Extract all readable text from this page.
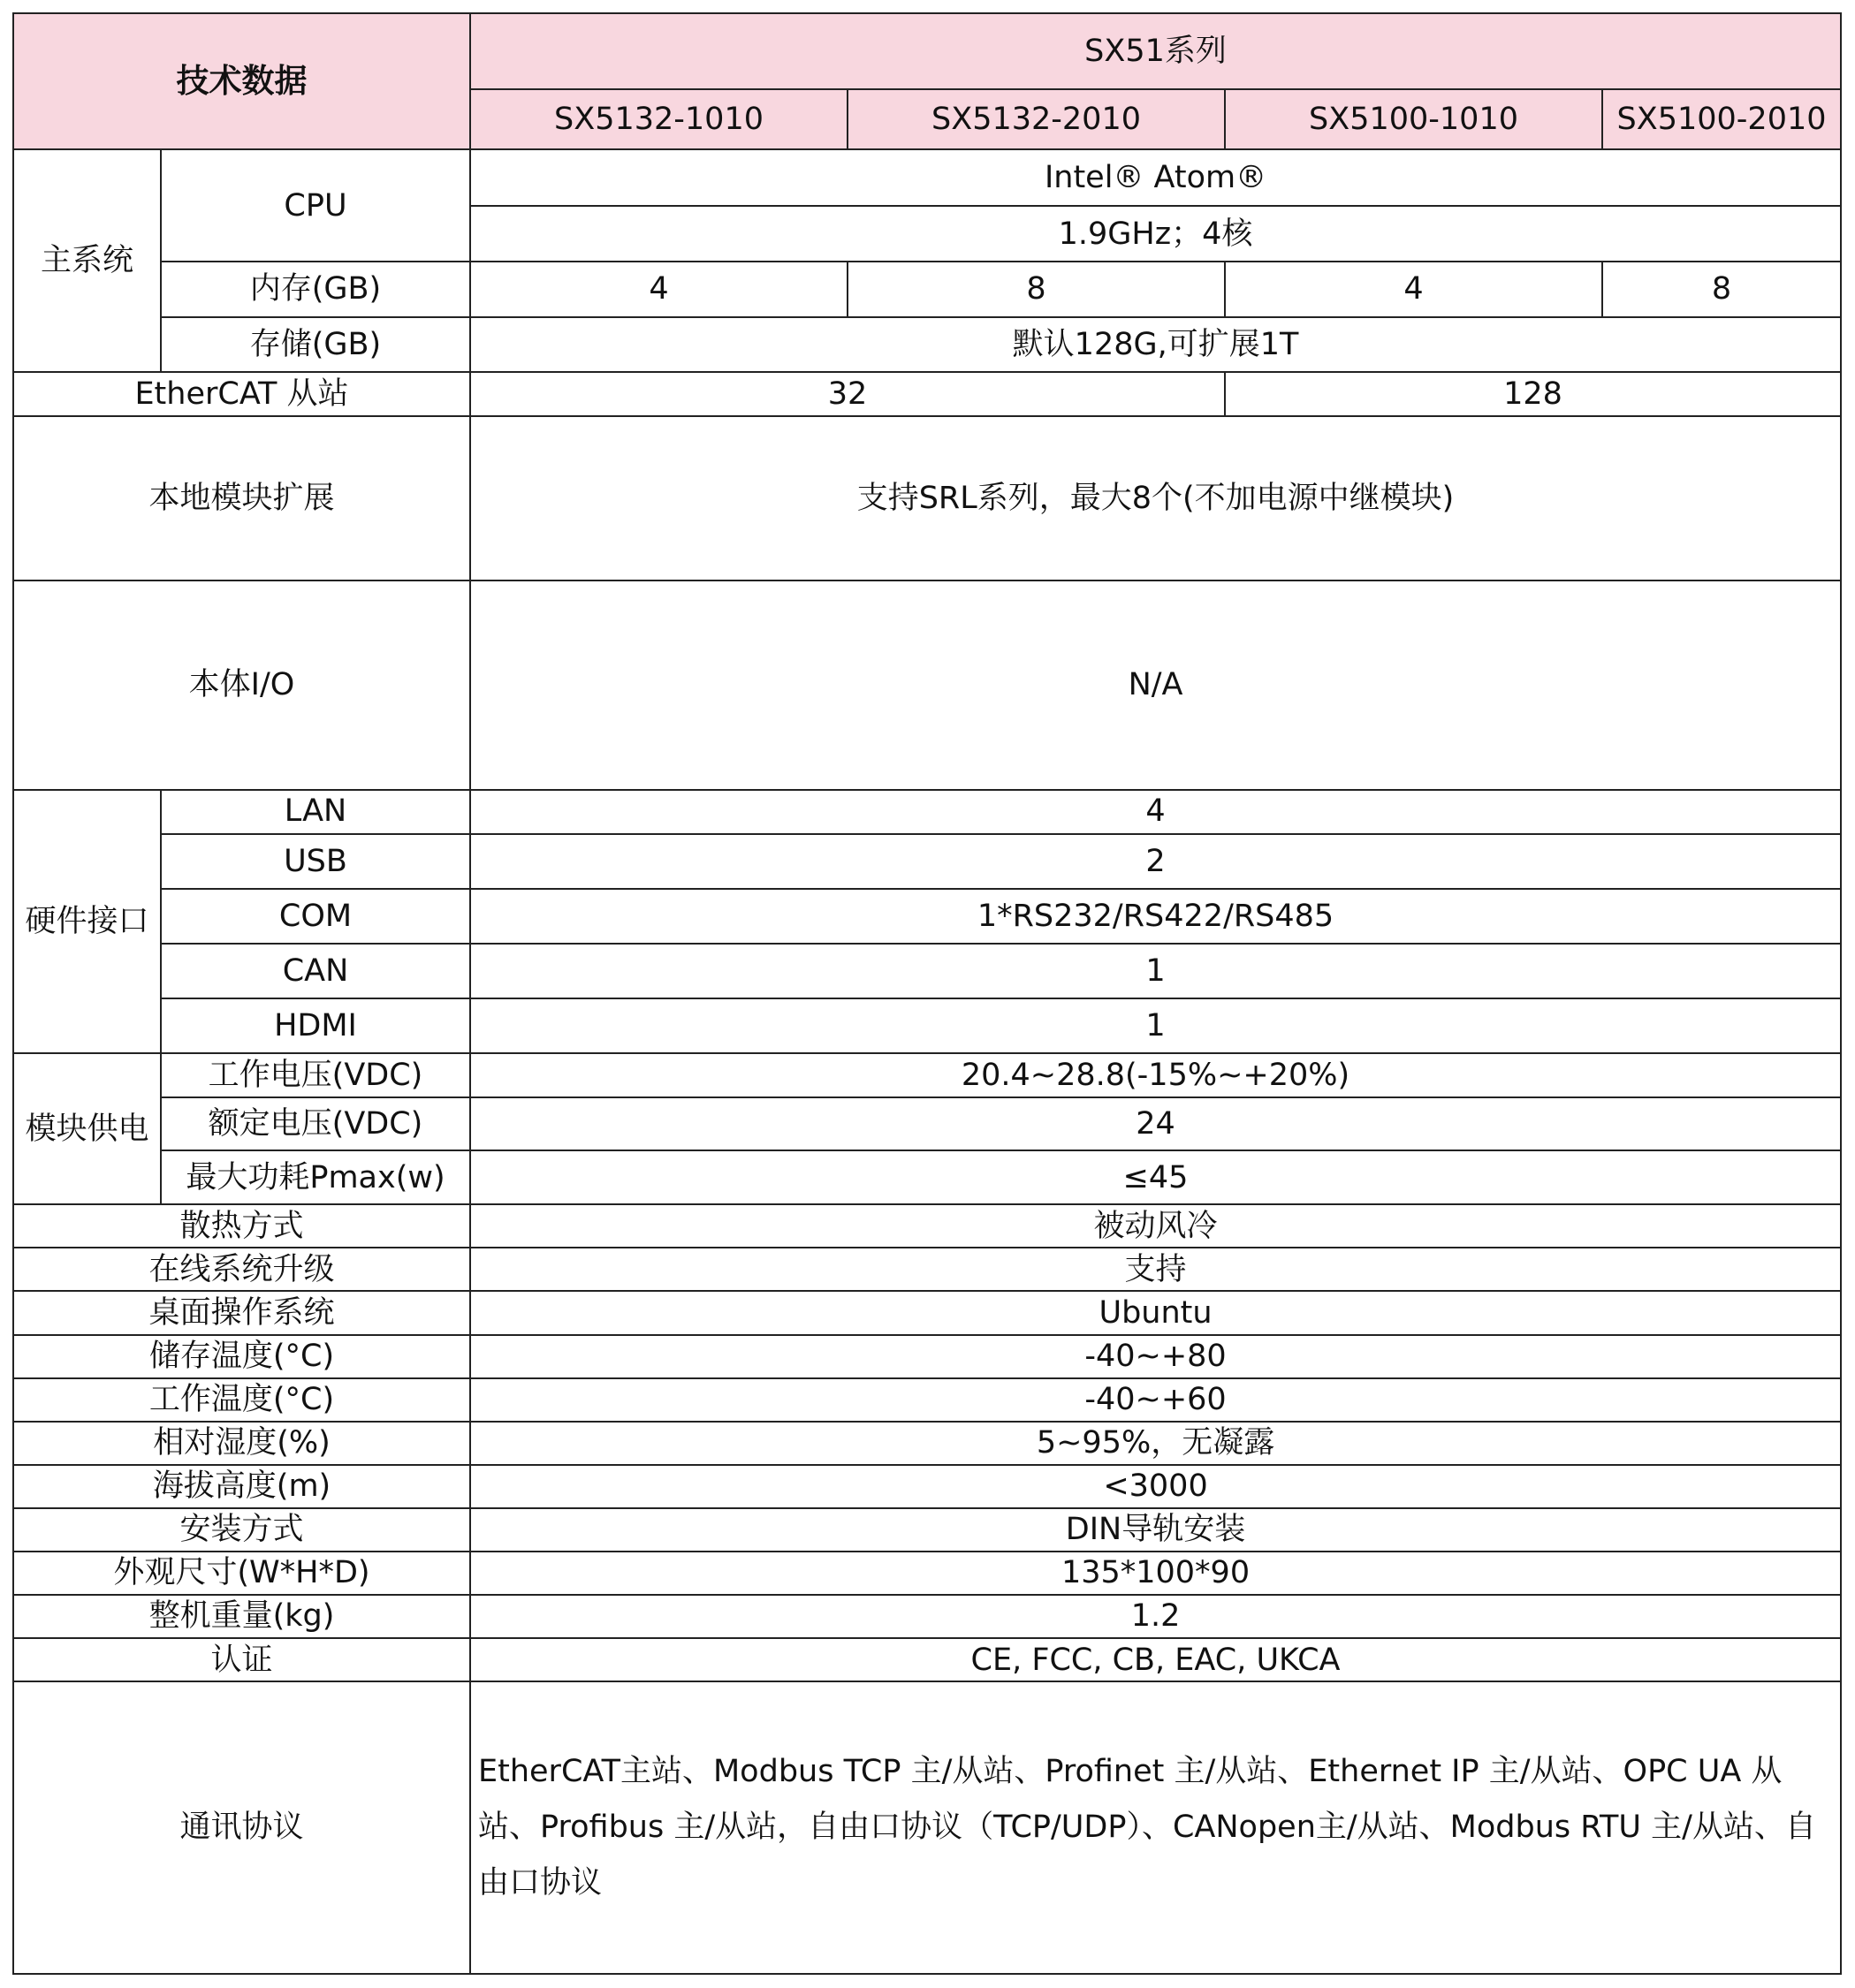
技术数据		SX51系列			
		SX5132-1010	SX5132-2010	SX5100-1010	SX5100-2010
主系统	CPU	Intel® Atom®			
		1.9GHz；4核			
	内存(GB)	4	8	4	8
	存储(GB)	默认128G,可扩展1T			
EtherCAT 从站		32		128	
本地模块扩展		支持SRL系列，最大8个(不加电源中继模块)			
本体I/O		N/A			
硬件接口	LAN	4			
	USB	2			
	COM	1*RS232/RS422/RS485			
	CAN	1			
	HDMI	1			
模块供电	工作电压(VDC)	20.4~28.8(-15%~+20%)			
	额定电压(VDC)	24			
	最大功耗Pmax(w)	≤45			
散热方式		被动风冷			
在线系统升级		支持			
桌面操作系统		Ubuntu			
储存温度(°C)		-40~+80			
工作温度(°C)		-40~+60			
相对湿度(%)		5~95%，无凝露			
海拔高度(m)		<3000			
安装方式		DIN导轨安装			
外观尺寸(W*H*D)		135*100*90			
整机重量(kg)		1.2			
认证		CE, FCC, CB, EAC, UKCA			
通讯协议		EtherCAT主站、Modbus TCP 主/从站、Profinet 主/从站、Ethernet IP 主/从站、OPC UA 从站、Profibus 主/从站，自由口协议（TCP/UDP）、CANopen主/从站、Modbus RTU 主/从站、自由口协议			
